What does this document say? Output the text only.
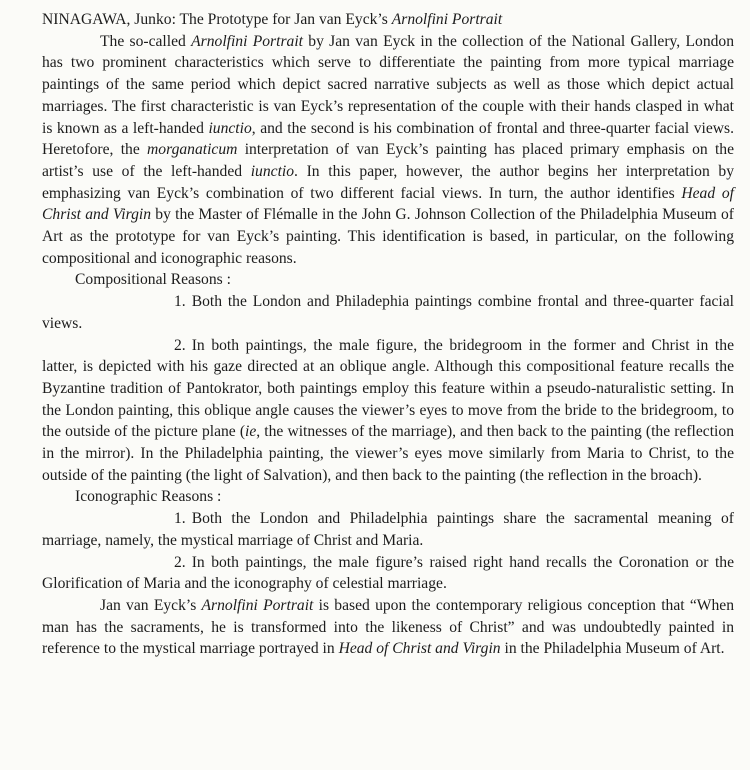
NINAGAWA, Junko: The Prototype for Jan van Eyck’s Arnolfini Portrait

The so-called Arnolfini Portrait by Jan van Eyck in the collection of the National Gallery, London has two prominent characteristics which serve to differentiate the painting from more typical marriage paintings of the same period which depict sacred narrative subjects as well as those which depict actual marriages. The first characteristic is van Eyck’s representation of the couple with their hands clasped in what is known as a left-handed iunctio, and the second is his combination of frontal and three-quarter facial views. Heretofore, the morganaticum interpretation of van Eyck’s painting has placed primary emphasis on the artist’s use of the left-handed iunctio. In this paper, however, the author begins her interpretation by emphasizing van Eyck’s combination of two different facial views. In turn, the author identifies Head of Christ and Virgin by the Master of Flémalle in the John G. Johnson Collection of the Philadelphia Museum of Art as the prototype for van Eyck’s painting. This identification is based, in particular, on the following compositional and iconographic reasons.

Compositional Reasons :

1. Both the London and Philadephia paintings combine frontal and three-quarter facial views.

2. In both paintings, the male figure, the bridegroom in the former and Christ in the latter, is depicted with his gaze directed at an oblique angle. Although this compositional feature recalls the Byzantine tradition of Pantokrator, both paintings employ this feature within a pseudo-naturalistic setting. In the London painting, this oblique angle causes the viewer’s eyes to move from the bride to the bridegroom, to the outside of the picture plane (ie, the witnesses of the marriage), and then back to the painting (the reflection in the mirror). In the Philadelphia painting, the viewer’s eyes move similarly from Maria to Christ, to the outside of the painting (the light of Salvation), and then back to the painting (the reflection in the broach).

Iconographic Reasons :

1. Both the London and Philadelphia paintings share the sacramental meaning of marriage, namely, the mystical marriage of Christ and Maria.

2. In both paintings, the male figure’s raised right hand recalls the Coronation or the Glorification of Maria and the iconography of celestial marriage.

Jan van Eyck’s Arnolfini Portrait is based upon the contemporary religious conception that “When man has the sacraments, he is transformed into the likeness of Christ” and was undoubtedly painted in reference to the mystical marriage portrayed in Head of Christ and Virgin in the Philadelphia Museum of Art.
